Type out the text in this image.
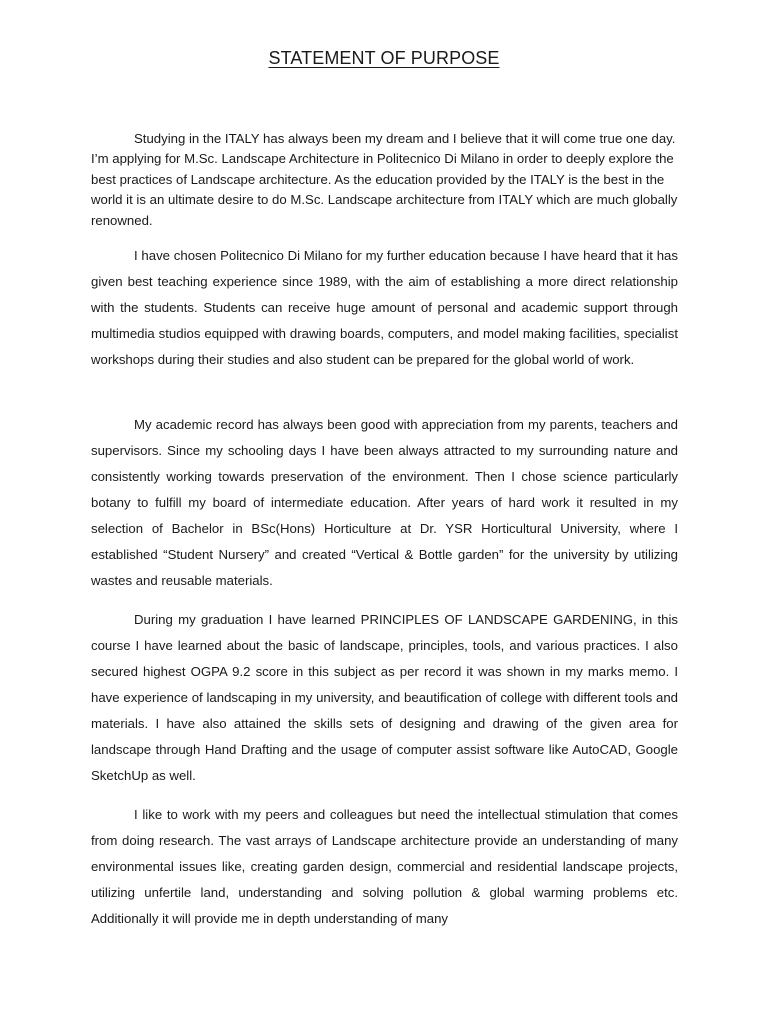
STATEMENT OF PURPOSE

Studying in the ITALY has always been my dream and I believe that it will come true one day. I’m applying for M.Sc. Landscape Architecture in Politecnico Di Milano in order to deeply explore the best practices of Landscape architecture. As the education provided by the ITALY is the best in the world it is an ultimate desire to do M.Sc. Landscape architecture from ITALY which are much globally renowned.

I have chosen Politecnico Di Milano for my further education because I have heard that it has given best teaching experience since 1989, with the aim of establishing a more direct relationship with the students. Students can receive huge amount of personal and academic support through multimedia studios equipped with drawing boards, computers, and model making facilities, specialist workshops during their studies and also student can be prepared for the global world of work.

My academic record has always been good with appreciation from my parents, teachers and supervisors. Since my schooling days I have been always attracted to my surrounding nature and consistently working towards preservation of the environment. Then I chose science particularly botany to fulfill my board of intermediate education. After years of hard work it resulted in my selection of Bachelor in BSc(Hons) Horticulture at Dr. YSR Horticultural University, where I established “Student Nursery” and created “Vertical & Bottle garden” for the university by utilizing wastes and reusable materials.

During my graduation I have learned PRINCIPLES OF LANDSCAPE GARDENING, in this course I have learned about the basic of landscape, principles, tools, and various practices. I also secured highest OGPA 9.2 score in this subject as per record it was shown in my marks memo. I have experience of landscaping in my university, and beautification of college with different tools and materials. I have also attained the skills sets of designing and drawing of the given area for landscape through Hand Drafting and the usage of computer assist software like AutoCAD, Google SketchUp as well.

I like to work with my peers and colleagues but need the intellectual stimulation that comes from doing research. The vast arrays of Landscape architecture provide an understanding of many environmental issues like, creating garden design, commercial and residential landscape projects, utilizing unfertile land, understanding and solving pollution & global warming problems etc. Additionally it will provide me in depth understanding of many
